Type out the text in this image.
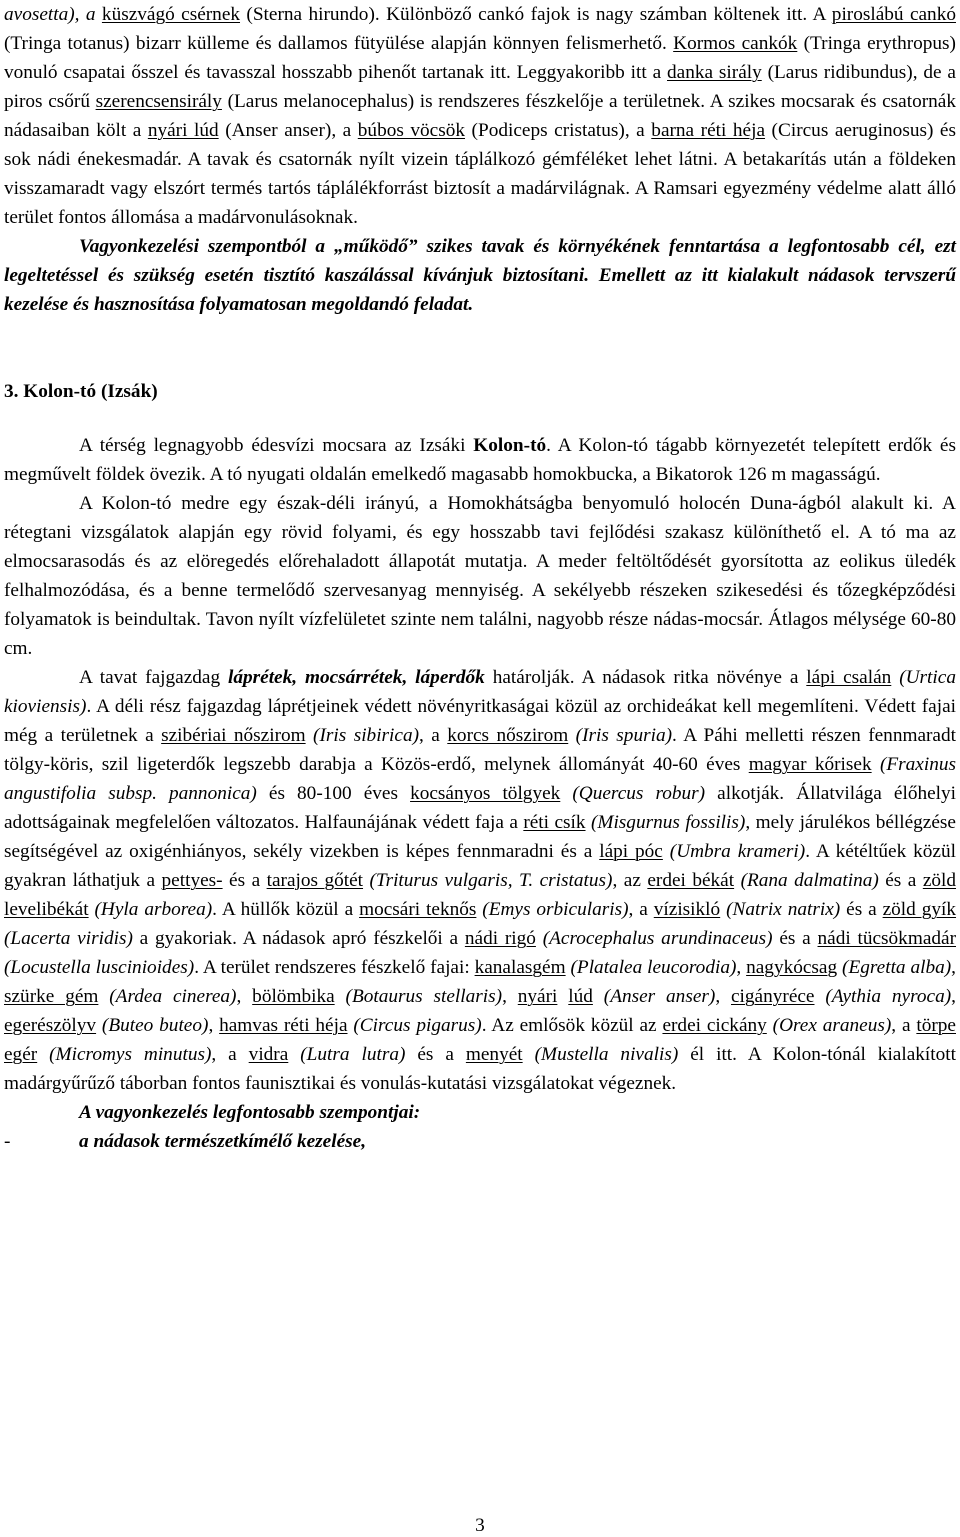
avosetta), a küszvágó csérnek (Sterna hirundo). Különböző cankó fajok is nagy számban költenek itt. A piroslábú cankó (Tringa totanus) bizarr külleme és dallamos fütyülése alapján könnyen felismerhető. Kormos cankók (Tringa erythropus) vonuló csapatai ősszel és tavasszal hosszabb pihenőt tartanak itt. Leggyakoribb itt a danka sirály (Larus ridibundus), de a piros csőrű szerencsensirály (Larus melanocephalus) is rendszeres fészkelője a területnek. A szikes mocsarak és csatornák nádasaiban költ a nyári lúd (Anser anser), a búbos vöcsök (Podiceps cristatus), a barna réti héja (Circus aeruginosus) és sok nádi énekesmadár. A tavak és csatornák nyílt vizein táplálkozó gémféléket lehet látni. A betakarítás után a földeken visszamaradt vagy elszórt termés tartós táplálékforrást biztosít a madárvilágnak. A Ramsari egyezmény védelme alatt álló terület fontos állomása a madárvonulásoknak.

Vagyonkezelési szempontból a „működő” szikes tavak és környékének fenntartása a legfontosabb cél, ezt legeltetéssel és szükség esetén tisztító kaszálással kívánjuk biztosítani. Emellett az itt kialakult nádasok tervszerű kezelése és hasznosítása folyamatosan megoldandó feladat.

3. Kolon-tó (Izsák)

A térség legnagyobb édesvízi mocsara az Izsáki Kolon-tó. A Kolon-tó tágabb környezetét telepített erdők és megművelt földek övezik. A tó nyugati oldalán emelkedő magasabb homokbucka, a Bikatorok 126 m magasságú.

A Kolon-tó medre egy észak-déli irányú, a Homokhátságba benyomuló holocén Duna-ágból alakult ki. A rétegtani vizsgálatok alapján egy rövid folyami, és egy hosszabb tavi fejlődési szakasz különíthető el. A tó ma az elmocsarasodás és az elöregedés előrehaladott állapotát mutatja. A meder feltöltődését gyorsította az eolikus üledék felhalmozódása, és a benne termelődő szervesanyag mennyiség. A sekélyebb részeken szikesedési és tőzegképződési folyamatok is beindultak. Tavon nyílt vízfelületet szinte nem találni, nagyobb része nádas-mocsár. Átlagos mélysége 60-80 cm.

A tavat fajgazdag láprétek, mocsárrétek, láperdők határolják. A nádasok ritka növénye a lápi csalán (Urtica kioviensis). A déli rész fajgazdag láprétjeinek védett növényritkaságai közül az orchideákat kell megemlíteni. Védett fajai még a területnek a szibériai nőszirom (Iris sibirica), a korcs nőszirom (Iris spuria). A Páhi melletti részen fennmaradt tölgy-köris, szil ligeterdők legszebb darabja a Közös-erdő, melynek állományát 40-60 éves magyar kőrisek (Fraxinus angustifolia subsp. pannonica) és 80-100 éves kocsányos tölgyek (Quercus robur) alkotják. Állatvilága élőhelyi adottságainak megfelelően változatos. Halfaunájának védett faja a réti csík (Misgurnus fossilis), mely járulékos béllégzése segítségével az oxigénhiányos, sekély vizekben is képes fennmaradni és a lápi póc (Umbra krameri). A kétéltűek közül gyakran láthatjuk a pettyes- és a tarajos gőtét (Triturus vulgaris, T. cristatus), az erdei békát (Rana dalmatina) és a zöld levelibékát (Hyla arborea). A hüllők közül a mocsári teknős (Emys orbicularis), a vízisikló (Natrix natrix) és a zöld gyík (Lacerta viridis) a gyakoriak. A nádasok apró fészkelői a nádi rigó (Acrocephalus arundinaceus) és a nádi tücsökmadár (Locustella luscinioides). A terület rendszeres fészkelő fajai: kanalasgém (Platalea leucorodia), nagykócsag (Egretta alba), szürke gém (Ardea cinerea), bölömbika (Botaurus stellaris), nyári lúd (Anser anser), cigányréce (Aythia nyroca), egerészölyv (Buteo buteo), hamvas réti héja (Circus pigarus). Az emlősök közül az erdei cickány (Orex araneus), a törpe egér (Micromys minutus), a vidra (Lutra lutra) és a menyét (Mustella nivalis) él itt. A Kolon-tónál kialakított madárgyűrűző táborban fontos faunisztikai és vonulás-kutatási vizsgálatokat végeznek.

A vagyonkezelés legfontosabb szempontjai:

-	a nádasok természetkímélő kezelése,
3
